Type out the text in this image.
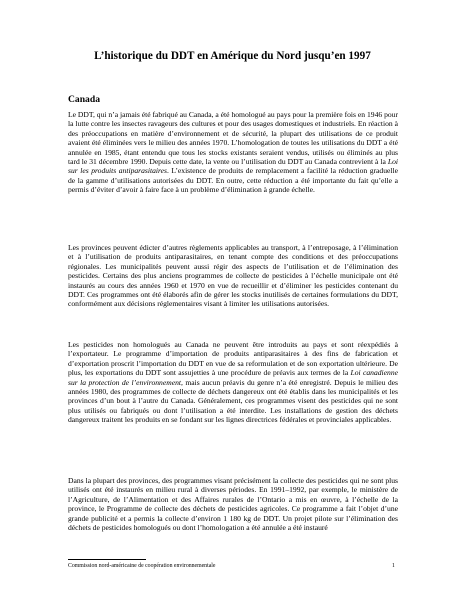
L’historique du DDT en Amérique du Nord jusqu’en 1997
Canada

Le DDT, qui n’a jamais été fabriqué au Canada, a été homologué au pays pour la première fois en 1946 pour la lutte contre les insectes ravageurs des cultures et pour des usages domestiques et industriels. En réaction à des préoccupations en matière d’environnement et de sécurité, la plupart des utilisations de ce produit avaient été éliminées vers le milieu des années 1970. L’homologation de toutes les utilisations du DDT a été annulée en 1985, étant entendu que tous les stocks existants seraient vendus, utilisés ou éliminés au plus tard le 31 décembre 1990. Depuis cette date, la vente ou l’utilisation du DDT au Canada contrevient à la Loi sur les produits antiparasitaires. L’existence de produits de remplacement a facilité la réduction graduelle de la gamme d’utilisations autorisées du DDT. En outre, cette réduction a été importante du fait qu’elle a permis d’éviter d’avoir à faire face à un problème d’élimination à grande échelle.

Les provinces peuvent édicter d’autres règlements applicables au transport, à l’entreposage, à l’élimination et à l’utilisation de produits antiparasitaires, en tenant compte des conditions et des préoccupations régionales. Les municipalités peuvent aussi régir des aspects de l’utilisation et de l’élimination des pesticides. Certains des plus anciens programmes de collecte de pesticides à l’échelle municipale ont été instaurés au cours des années 1960 et 1970 en vue de recueillir et d’éliminer les pesticides contenant du DDT. Ces programmes ont été élaborés afin de gérer les stocks inutilisés de certaines formulations du DDT, conformément aux décisions réglementaires visant à limiter les utilisations autorisées.

Les pesticides non homologués au Canada ne peuvent être introduits au pays et sont réexpédiés à l’exportateur. Le programme d’importation de produits antiparasitaires à des fins de fabrication et d’exportation proscrit l’importation du DDT en vue de sa reformulation et de son exportation ultérieure. De plus, les exportations du DDT sont assujetties à une procédure de préavis aux termes de la Loi canadienne sur la protection de l’environnement, mais aucun préavis du genre n’a été enregistré. Depuis le milieu des années 1980, des programmes de collecte de déchets dangereux ont été établis dans les municipalités et les provinces d’un bout à l’autre du Canada. Généralement, ces programmes visent des pesticides qui ne sont plus utilisés ou fabriqués ou dont l’utilisation a été interdite. Les installations de gestion des déchets dangereux traitent les produits en se fondant sur les lignes directrices fédérales et provinciales applicables.

Dans la plupart des provinces, des programmes visant précisément la collecte des pesticides qui ne sont plus utilisés ont été instaurés en milieu rural à diverses périodes. En 1991–1992, par exemple, le ministère de l’Agriculture, de l’Alimentation et des Affaires rurales de l’Ontario a mis en œuvre, à l’échelle de la province, le Programme de collecte des déchets de pesticides agricoles. Ce programme a fait l’objet d’une grande publicité et a permis la collecte d’environ 1 180 kg de DDT. Un projet pilote sur l’élimination des déchets de pesticides homologués ou dont l’homologation a été annulée a été instauré

Commission nord-américaine de coopération environnementale	1
